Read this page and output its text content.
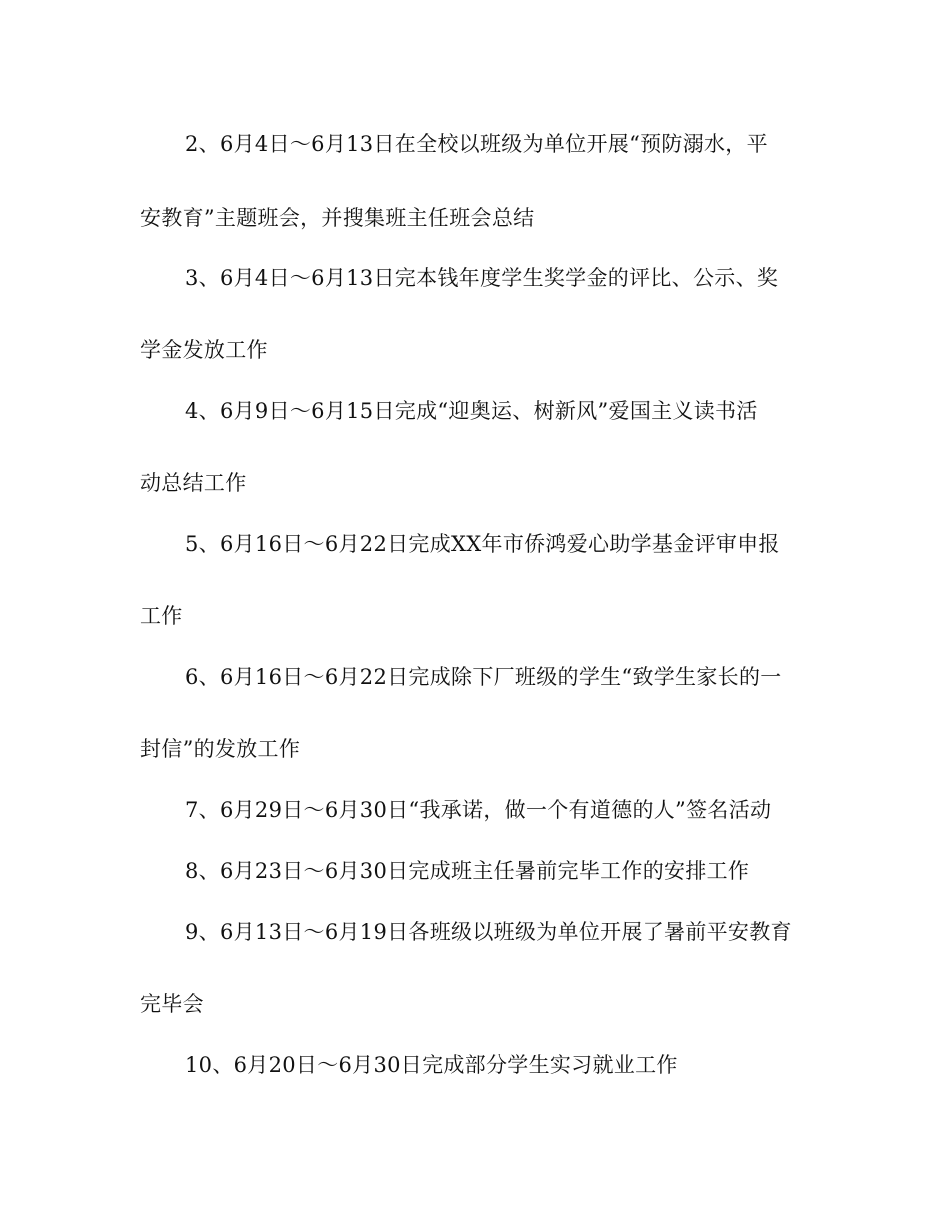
2、6月4日～6月13日在全校以班级为单位开展“预防溺水，平
安教育”主题班会，并搜集班主任班会总结
3、6月4日～6月13日完本钱年度学生奖学金的评比、公示、奖
学金发放工作
4、6月9日～6月15日完成“迎奥运、树新风”爱国主义读书活
动总结工作
5、6月16日～6月22日完成XX年市侨鸿爱心助学基金评审申报
工作
6、6月16日～6月22日完成除下厂班级的学生“致学生家长的一
封信”的发放工作
7、6月29日～6月30日“我承诺，做一个有道德的人”签名活动
8、6月23日～6月30日完成班主任暑前完毕工作的安排工作
9、6月13日～6月19日各班级以班级为单位开展了暑前平安教育
完毕会
10、6月20日～6月30日完成部分学生实习就业工作
